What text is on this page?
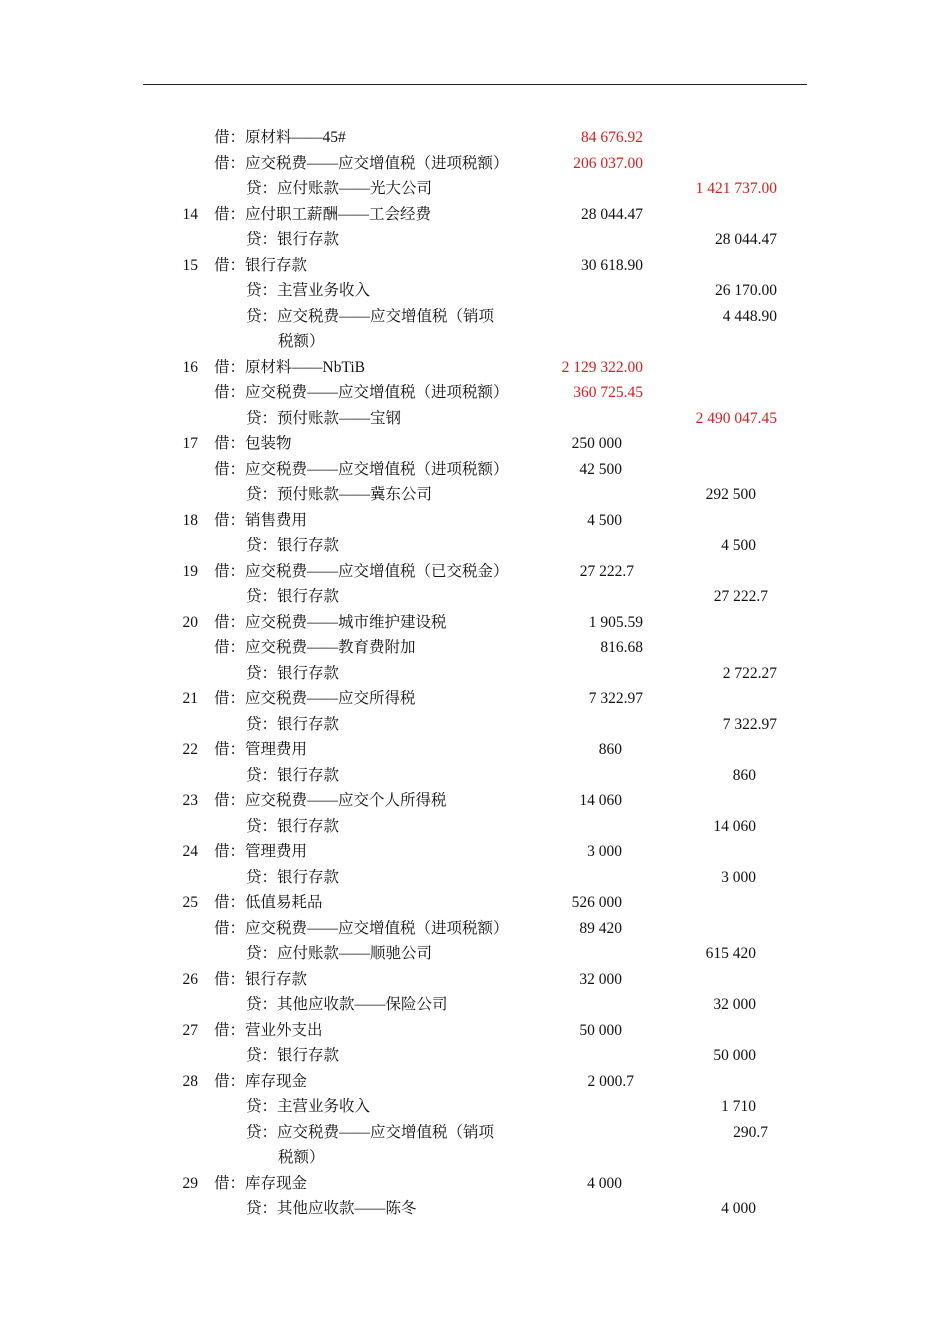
借：原材料——45#	84 676.92
借：应交税费——应交增值税（进项税额）	206 037.00
贷：应付账款——光大公司	1 421 737.00
14 借：应付职工薪酬——工会经费	28 044.47
贷：银行存款	28 044.47
15 借：银行存款	30 618.90
贷：主营业务收入	26 170.00
贷：应交税费——应交增值税（销项	4 448.90
税额）
16 借：原材料——NbTiB	2 129 322.00
借：应交税费——应交增值税（进项税额）	360 725.45
贷：预付账款——宝钢	2 490 047.45
17 借：包装物	250 000
借：应交税费——应交增值税（进项税额）	42 500
贷：预付账款——冀东公司	292 500
18 借：销售费用	4 500
贷：银行存款	4 500
19 借：应交税费——应交增值税（已交税金）	27 222.7
贷：银行存款	27 222.7
20 借：应交税费——城市维护建设税	1 905.59
借：应交税费——教育费附加	816.68
贷：银行存款	2 722.27
21 借：应交税费——应交所得税	7 322.97
贷：银行存款	7 322.97
22 借：管理费用	860
贷：银行存款	860
23 借：应交税费——应交个人所得税	14 060
贷：银行存款	14 060
24 借：管理费用	3 000
贷：银行存款	3 000
25 借：低值易耗品	526 000
借：应交税费——应交增值税（进项税额）	89 420
贷：应付账款——顺驰公司	615 420
26 借：银行存款	32 000
贷：其他应收款——保险公司	32 000
27 借：营业外支出	50 000
贷：银行存款	50 000
28 借：库存现金	2 000.7
贷：主营业务收入	1 710
贷：应交税费——应交增值税（销项	290.7
税额）
29 借：库存现金	4 000
贷：其他应收款——陈冬	4 000
